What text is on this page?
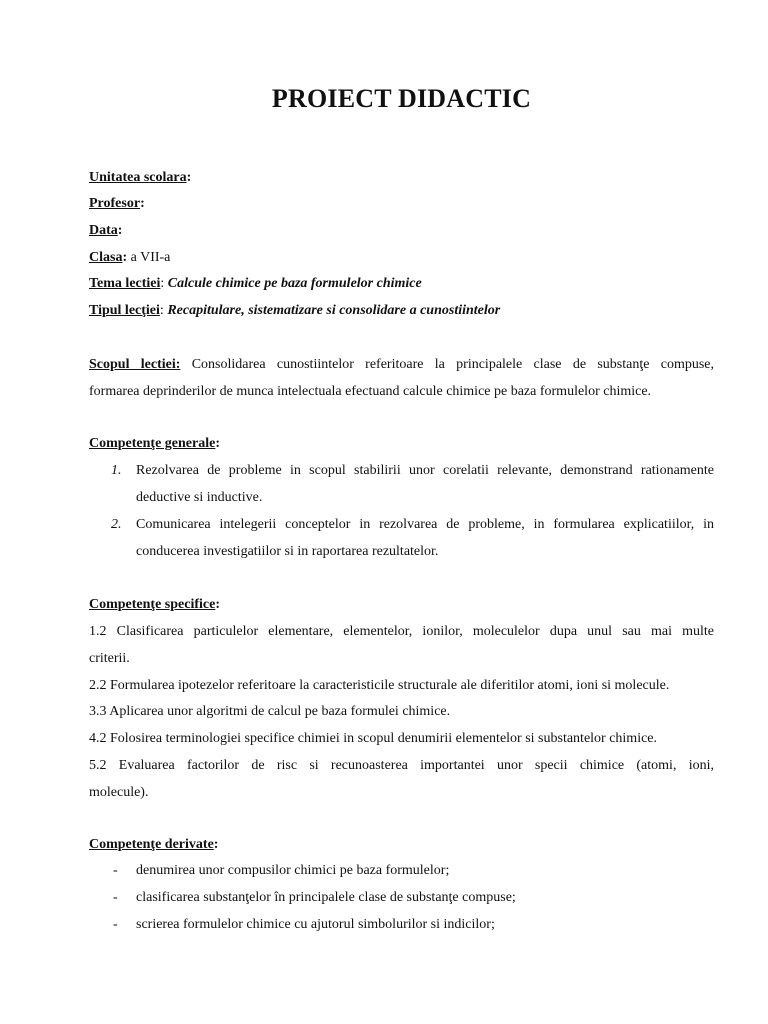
PROIECT DIDACTIC
Unitatea scolara:
Profesor:
Data:
Clasa: a VII-a
Tema lectiei: Calcule chimice pe baza formulelor chimice
Tipul lecţiei: Recapitulare, sistematizare si consolidare a cunostiintelor
Scopul lectiei: Consolidarea cunostiintelor referitoare la principalele clase de substanţe compuse,
formarea deprinderilor de munca intelectuala efectuand calcule chimice pe baza formulelor chimice.
Competenţe generale:
1. Rezolvarea de probleme in scopul stabilirii unor corelatii relevante, demonstrand rationamente
deductive si inductive.
2. Comunicarea intelegerii conceptelor in rezolvarea de probleme, in formularea explicatiilor, in
conducerea investigatiilor si in raportarea rezultatelor.
Competenţe specifice:
1.2 Clasificarea particulelor elementare, elementelor, ionilor, moleculelor dupa unul sau mai multe
criterii.
2.2 Formularea ipotezelor referitoare la caracteristicile structurale ale diferitilor atomi, ioni si molecule.
3.3 Aplicarea unor algoritmi de calcul pe baza formulei chimice.
4.2 Folosirea terminologiei specifice chimiei in scopul denumirii elementelor si substantelor chimice.
5.2 Evaluarea factorilor de risc si recunoasterea importantei unor specii chimice (atomi, ioni,
molecule).
Competenţe derivate:
- denumirea unor compusilor chimici pe baza formulelor;
- clasificarea substanţelor în principalele clase de substanţe compuse;
- scrierea formulelor chimice cu ajutorul simbolurilor si indicilor;
